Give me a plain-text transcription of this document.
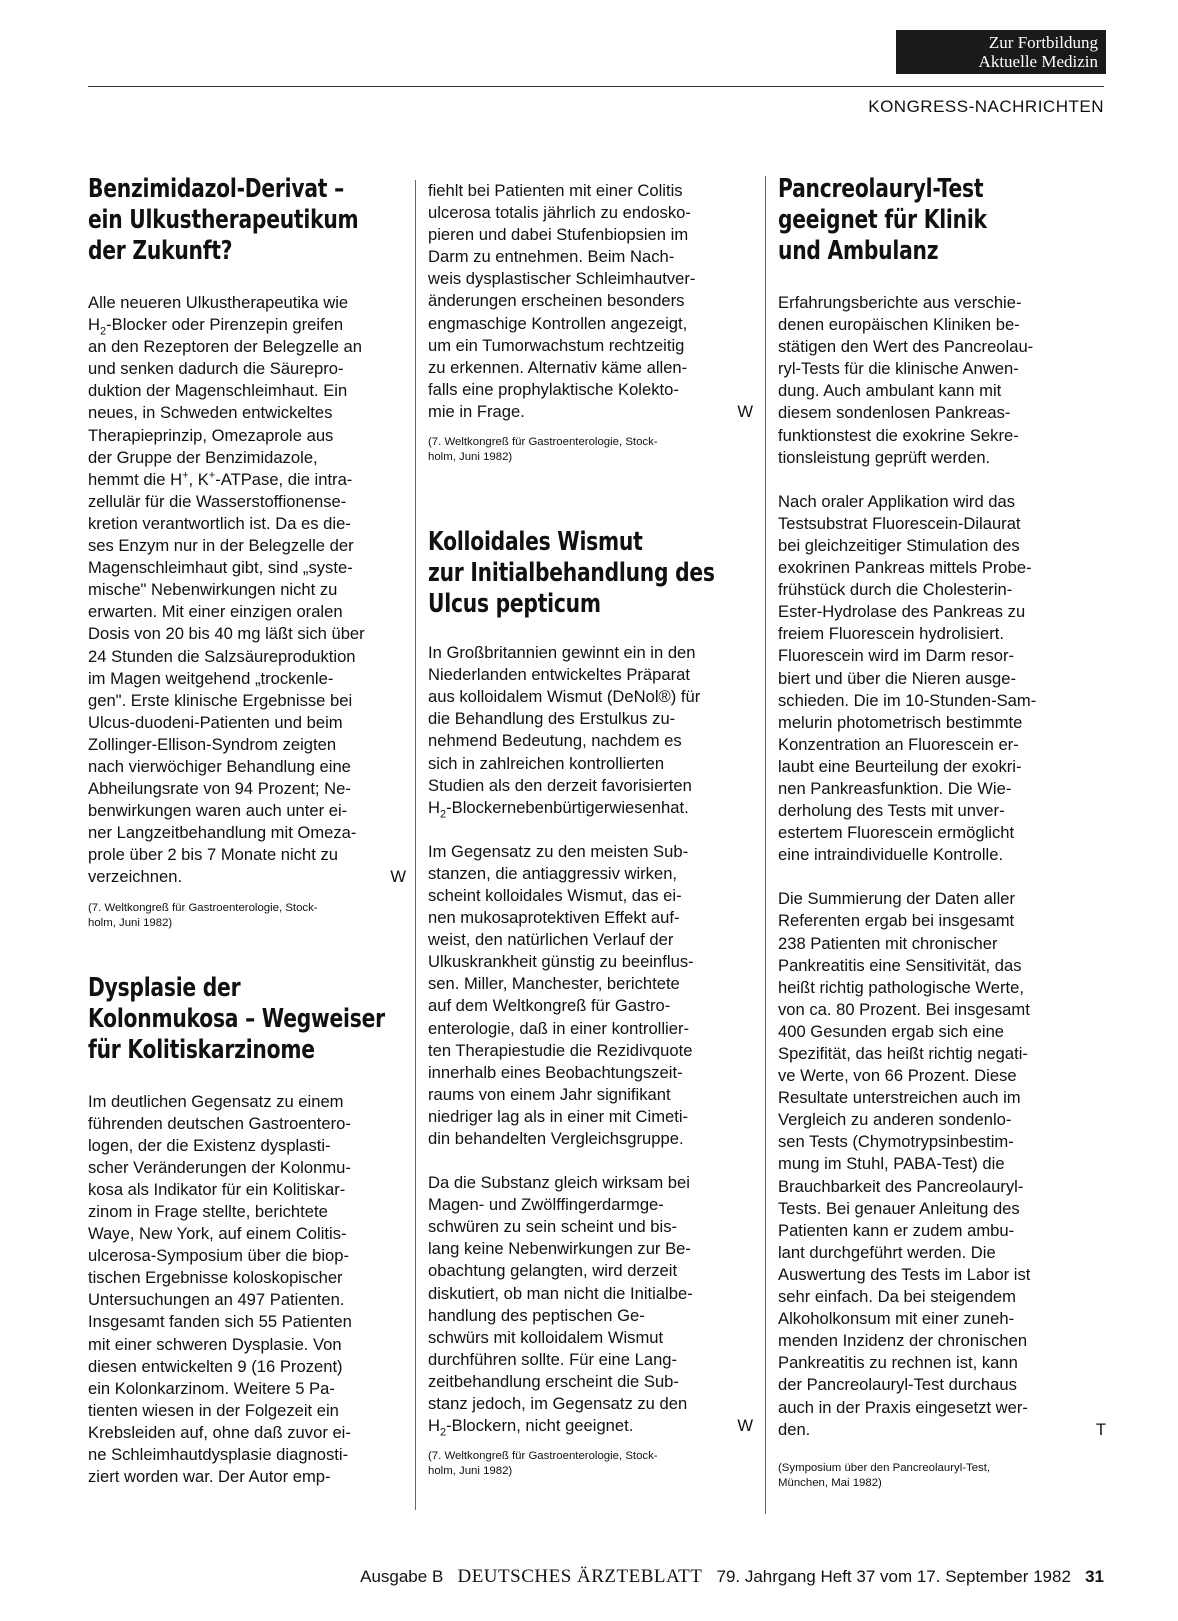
Zur Fortbildung
Aktuelle Medizin
KONGRESS-NACHRICHTEN
Benzimidazol-Derivat –
ein Ulkustherapeutikum
der Zukunft?

Alle neueren Ulkustherapeutika wie
$H_2$-Blocker oder Pirenzepin greifen
an den Rezeptoren der Belegzelle an
und senken dadurch die Säurepro-
duktion der Magenschleimhaut. Ein
neues, in Schweden entwickeltes
Therapieprinzip, Omezaprole aus
der Gruppe der Benzimidazole,
hemmt die H+, K+-ATPase, die intra-
zellulär für die Wasserstoffionense-
kretion verantwortlich ist. Da es die-
ses Enzym nur in der Belegzelle der
Magenschleimhaut gibt, sind „syste-
mische" Nebenwirkungen nicht zu
erwarten. Mit einer einzigen oralen
Dosis von 20 bis 40 mg läßt sich über
24 Stunden die Salzsäureproduktion
im Magen weitgehend „trockenle-
gen". Erste klinische Ergebnisse bei
Ulcus-duodeni-Patienten und beim
Zollinger-Ellison-Syndrom zeigten
nach vierwöchiger Behandlung eine
Abheilungsrate von 94 Prozent; Ne-
benwirkungen waren auch unter ei-
ner Langzeitbehandlung mit Omeza-
prole über 2 bis 7 Monate nicht zu
verzeichnen.	W

(7. Weltkongreß für Gastroenterologie, Stock-
holm, Juni 1982)

Dysplasie der
Kolonmukosa – Wegweiser
für Kolitiskarzinome

Im deutlichen Gegensatz zu einem
führenden deutschen Gastroentero-
logen, der die Existenz dysplasti-
scher Veränderungen der Kolonmu-
kosa als Indikator für ein Kolitiskar-
zinom in Frage stellte, berichtete
Waye, New York, auf einem Colitis-
ulcerosa-Symposium über die biop-
tischen Ergebnisse koloskopischer
Untersuchungen an 497 Patienten.
Insgesamt fanden sich 55 Patienten
mit einer schweren Dysplasie. Von
diesen entwickelten 9 (16 Prozent)
ein Kolonkarzinom. Weitere 5 Pa-
tienten wiesen in der Folgezeit ein
Krebsleiden auf, ohne daß zuvor ei-
ne Schleimhautdysplasie diagnosti-
ziert worden war. Der Autor emp-

fiehlt bei Patienten mit einer Colitis
ulcerosa totalis jährlich zu endosko-
pieren und dabei Stufenbiopsien im
Darm zu entnehmen. Beim Nach-
weis dysplastischer Schleimhautver-
änderungen erscheinen besonders
engmaschige Kontrollen angezeigt,
um ein Tumorwachstum rechtzeitig
zu erkennen. Alternativ käme allen-
falls eine prophylaktische Kolekto-
mie in Frage.	W

(7. Weltkongreß für Gastroenterologie, Stock-
holm, Juni 1982)

Kolloidales Wismut
zur Initialbehandlung des
Ulcus pepticum

In Großbritannien gewinnt ein in den
Niederlanden entwickeltes Präparat
aus kolloidalem Wismut (DeNol®) für
die Behandlung des Erstulkus zu-
nehmend Bedeutung, nachdem es
sich in zahlreichen kontrollierten
Studien als den derzeit favorisierten
$H_2$-Blockernebenbürtigerwiesenhat.

Im Gegensatz zu den meisten Sub-
stanzen, die antiaggressiv wirken,
scheint kolloidales Wismut, das ei-
nen mukosaprotektiven Effekt auf-
weist, den natürlichen Verlauf der
Ulkuskrankheit günstig zu beeinflus-
sen. Miller, Manchester, berichtete
auf dem Weltkongreß für Gastro-
enterologie, daß in einer kontrollier-
ten Therapiestudie die Rezidivquote
innerhalb eines Beobachtungszeit-
raums von einem Jahr signifikant
niedriger lag als in einer mit Cimeti-
din behandelten Vergleichsgruppe.

Da die Substanz gleich wirksam bei
Magen- und Zwölffingerdarmge-
schwüren zu sein scheint und bis-
lang keine Nebenwirkungen zur Be-
obachtung gelangten, wird derzeit
diskutiert, ob man nicht die Initialbe-
handlung des peptischen Ge-
schwürs mit kolloidalem Wismut
durchführen sollte. Für eine Lang-
zeitbehandlung erscheint die Sub-
stanz jedoch, im Gegensatz zu den
$H_2$-Blockern, nicht geeignet.	W

(7. Weltkongreß für Gastroenterologie, Stock-
holm, Juni 1982)

Pancreolauryl-Test
geeignet für Klinik
und Ambulanz

Erfahrungsberichte aus verschie-
denen europäischen Kliniken be-
stätigen den Wert des Pancreolau-
ryl-Tests für die klinische Anwen-
dung. Auch ambulant kann mit
diesem sondenlosen Pankreas-
funktionstest die exokrine Sekre-
tionsleistung geprüft werden.

Nach oraler Applikation wird das
Testsubstrat Fluorescein-Dilaurat
bei gleichzeitiger Stimulation des
exokrinen Pankreas mittels Probe-
frühstück durch die Cholesterin-
Ester-Hydrolase des Pankreas zu
freiem Fluorescein hydrolisiert.
Fluorescein wird im Darm resor-
biert und über die Nieren ausge-
schieden. Die im 10-Stunden-Sam-
melurin photometrisch bestimmte
Konzentration an Fluorescein er-
laubt eine Beurteilung der exokri-
nen Pankreasfunktion. Die Wie-
derholung des Tests mit unver-
estertem Fluorescein ermöglicht
eine intraindividuelle Kontrolle.

Die Summierung der Daten aller
Referenten ergab bei insgesamt
238 Patienten mit chronischer
Pankreatitis eine Sensitivität, das
heißt richtig pathologische Werte,
von ca. 80 Prozent. Bei insgesamt
400 Gesunden ergab sich eine
Spezifität, das heißt richtig negati-
ve Werte, von 66 Prozent. Diese
Resultate unterstreichen auch im
Vergleich zu anderen sondenlo-
sen Tests (Chymotrypsinbestim-
mung im Stuhl, PABA-Test) die
Brauchbarkeit des Pancreolauryl-
Tests. Bei genauer Anleitung des
Patienten kann er zudem ambu-
lant durchgeführt werden. Die
Auswertung des Tests im Labor ist
sehr einfach. Da bei steigendem
Alkoholkonsum mit einer zuneh-
menden Inzidenz der chronischen
Pankreatitis zu rechnen ist, kann
der Pancreolauryl-Test durchaus
auch in der Praxis eingesetzt wer-
den.	T

(Symposium über den Pancreolauryl-Test,
München, Mai 1982)

Ausgabe B DEUTSCHES ÄRZTEBLATT 79. Jahrgang Heft 37 vom 17. September 1982 31
